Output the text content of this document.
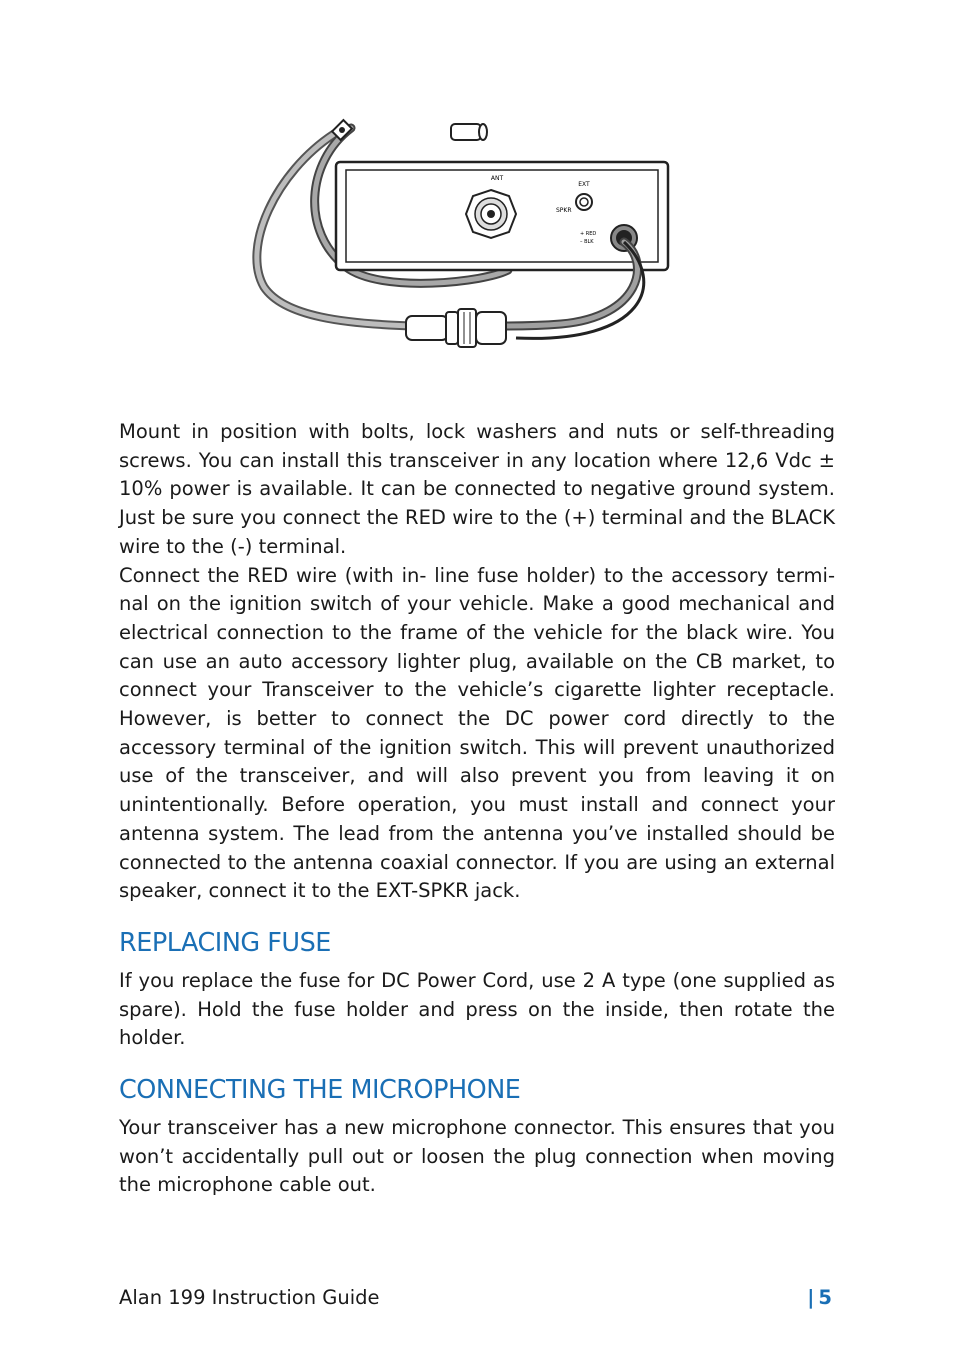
ANT
EXT
SPKR
+ RED
– BLK

Mount in position with bolts, lock washers and nuts or self-threading screws. You can install this transceiver in any location where 12,6 Vdc ± 10% power is available. It can be connected to negative ground system. Just be sure you connect the RED wire to the (+) terminal and the BLACK wire to the (-) terminal.

Connect the RED wire (with in- line fuse holder) to the accessory terminal on the ignition switch of your vehicle. Make a good mechanical and electrical connection to the frame of the vehicle for the black wire. You can use an auto accessory lighter plug, available on the CB market, to connect your Transceiver to the vehicle’s cigarette lighter receptacle. However, is better to connect the DC power cord directly to the accessory terminal of the ignition switch. This will prevent unauthorized use of the transceiver, and will also prevent you from leaving it on unintentionally. Before operation, you must install and connect your antenna system. The lead from the antenna you’ve installed should be connected to the antenna coaxial connector. If you are using an external speaker, connect it to the EXT-SPKR jack.

REPLACING FUSE

If you replace the fuse for DC Power Cord, use 2 A type (one supplied as spare). Hold the fuse holder and press on the inside, then rotate the holder.

CONNECTING THE MICROPHONE

Your transceiver has a new microphone connector. This ensures that you won’t accidentally pull out or loosen the plug connection when moving the microphone cable out.

Alan 199 Instruction Guide	| 5
